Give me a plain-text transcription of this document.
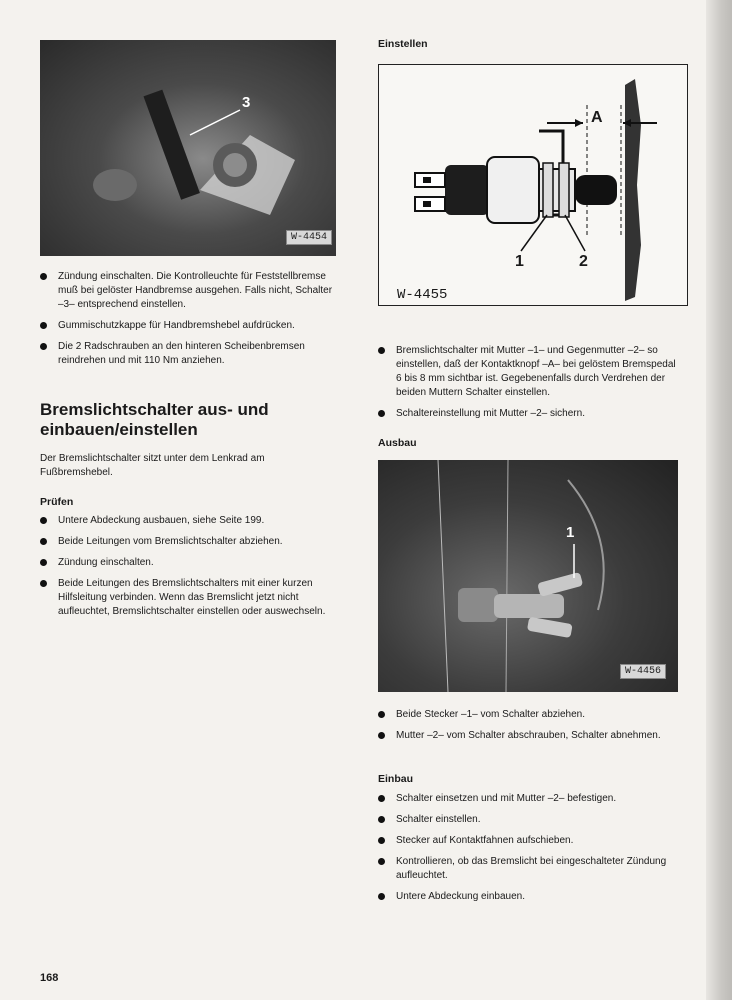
3
W-4454
Zündung einschalten. Die Kontrolleuchte für Feststellbremse muß bei gelöster Handbremse ausgehen. Falls nicht, Schalter –3– entsprechend einstellen.
Gummischutzkappe für Handbremshebel aufdrücken.
Die 2 Radschrauben an den hinteren Scheibenbremsen reindrehen und mit 110 Nm anziehen.
Bremslichtschalter aus- und einbauen/einstellen
Der Bremslichtschalter sitzt unter dem Lenkrad am Fußbremshebel.
Prüfen
Untere Abdeckung ausbauen, siehe Seite 199.
Beide Leitungen vom Bremslichtschalter abziehen.
Zündung einschalten.
Beide Leitungen des Bremslichtschalters mit einer kurzen Hilfsleitung verbinden. Wenn das Bremslicht jetzt nicht aufleuchtet, Bremslichtschalter einstellen oder auswechseln.
Einstellen
A
1	2
W-4455
Bremslichtschalter mit Mutter –1– und Gegenmutter –2– so einstellen, daß der Kontaktknopf –A– bei gelöstem Bremspedal 6 bis 8 mm sichtbar ist. Gegebenenfalls durch Verdrehen der beiden Muttern Schalter einstellen.
Schaltereinstellung mit Mutter –2– sichern.
Ausbau
1
W-4456
Beide Stecker –1– vom Schalter abziehen.
Mutter –2– vom Schalter abschrauben, Schalter abnehmen.
Einbau
Schalter einsetzen und mit Mutter –2– befestigen.
Schalter einstellen.
Stecker auf Kontaktfahnen aufschieben.
Kontrollieren, ob das Bremslicht bei eingeschalteter Zündung aufleuchtet.
Untere Abdeckung einbauen.
168
